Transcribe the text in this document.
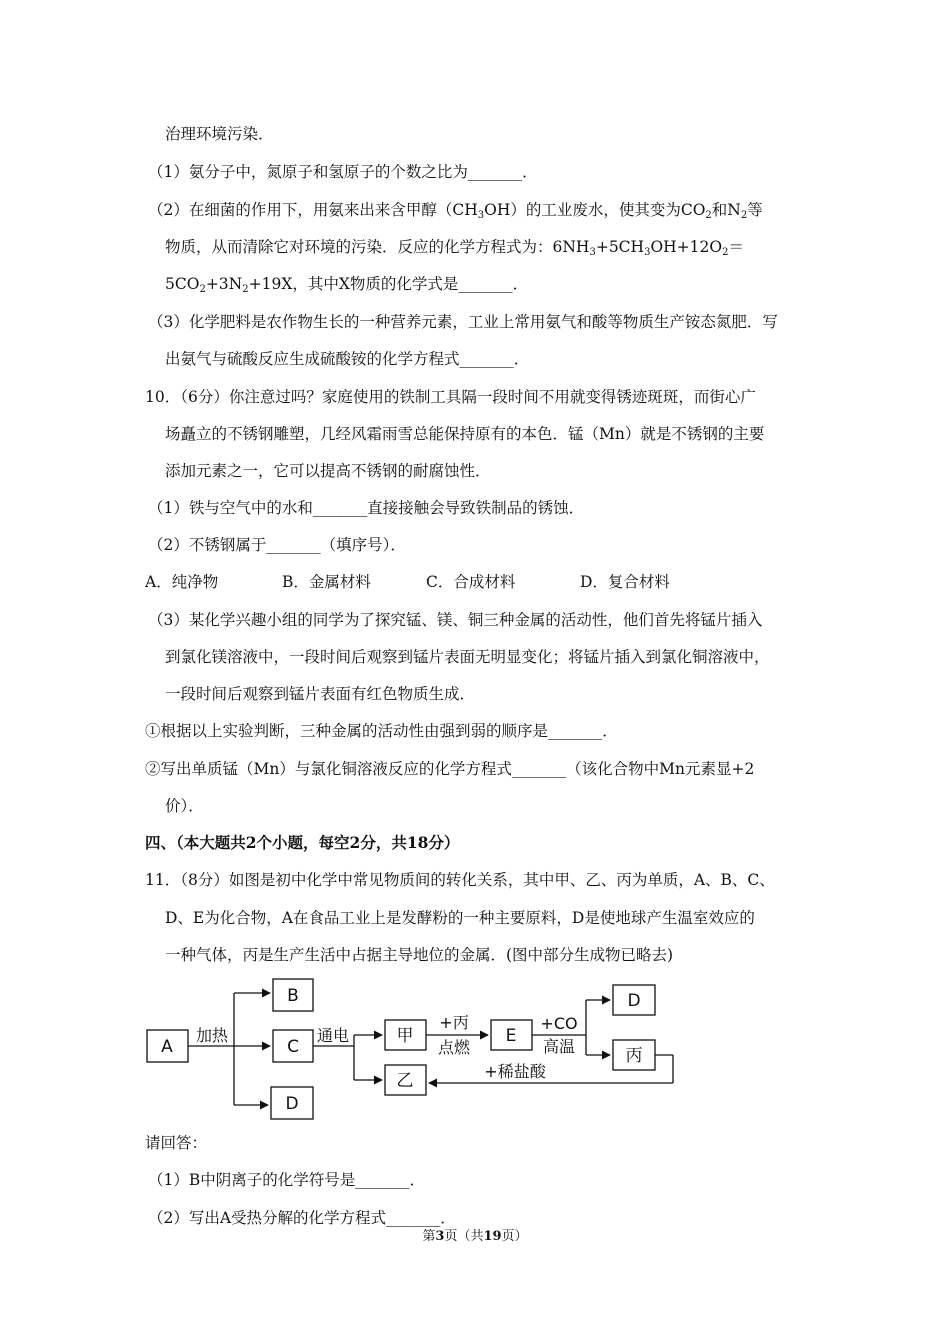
治理环境污染．
（1）氨分子中，氮原子和氢原子的个数之比为_______．
（2）在细菌的作用下，用氨来出来含甲醇$(CH_3OH)$的工业废水，使其变为$CO_2$和$N_2$等
物质，从而清除它对环境的污染．反应的化学方程式为：$6NH_3+5CH_3OH+12O_2=$
$5CO_2+3N_2+19X$，其中X物质的化学式是_______．
（3）化学肥料是农作物生长的一种营养元素，工业上常用氨气和酸等物质生产铵态氮肥．写
出氨气与硫酸反应生成硫酸铵的化学方程式_______．
10．（6分）你注意过吗？家庭使用的铁制工具隔一段时间不用就变得锈迹斑斑，而街心广
场矗立的不锈钢雕塑，几经风霜雨雪总能保持原有的本色．锰（Mn）就是不锈钢的主要
添加元素之一，它可以提高不锈钢的耐腐蚀性．
（1）铁与空气中的水和_______直接接触会导致铁制品的锈蚀．
（2）不锈钢属于_______（填序号）．
A．纯净物	B．金属材料	C．合成材料	D．复合材料
（3）某化学兴趣小组的同学为了探究锰、镁、铜三种金属的活动性，他们首先将锰片插入
到氯化镁溶液中，一段时间后观察到锰片表面无明显变化；将锰片插入到氯化铜溶液中，
一段时间后观察到锰片表面有红色物质生成．
①根据以上实验判断，三种金属的活动性由强到弱的顺序是_______．
②写出单质锰（Mn）与氯化铜溶液反应的化学方程式_______（该化合物中Mn元素显+2
价）．
四、（本大题共2个小题，每空2分，共18分）
11．（8分）如图是初中化学中常见物质间的转化关系，其中甲、乙、丙为单质，A、B、C、
D、E为化合物，A在食品工业上是发酵粉的一种主要原料，D是使地球产生温室效应的
一种气体，丙是生产生活中占据主导地位的金属．(图中部分生成物已略去)
A
B
C
D
甲
乙
E
D
丙
加热	通电
+丙
点燃
+CO
高温
+稀盐酸
请回答：
（1）B中阴离子的化学符号是_______．
（2）写出A受热分解的化学方程式_______．
第3页（共19页）
